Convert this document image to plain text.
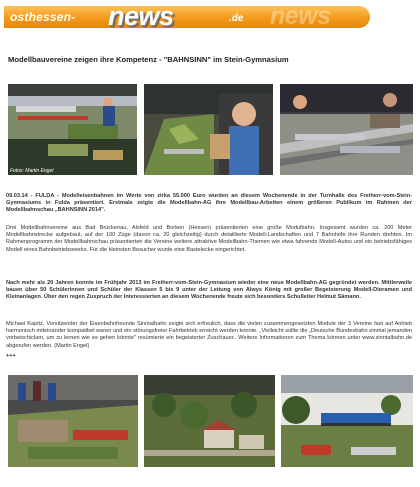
osthessen- news	.de news
Modellbauvereine zeigen ihre Kompetenz - "BAHNSINN" im Stein-Gymnasium
Fotos: Martin Engel

09.03.14 - FULDA - Modelleisenbahnen im Werte von zirka 55.000 Euro wurden an diesem Wochenende in der Turnhalle des Freiherr-vom-Stein-Gymnasiums in Fulda präsentiert. Erstmals zeigte die Modellbahn-AG ihre Modellbau-Arbeiten einem größeren Publikum im Rahmen der Modellbahnschau „BAHNSINN 2014".

Drei Modellbahnvereine aus Bad Brückenau, Alsfeld und Borken (Hessen) präsentierten eine große Modulbahn. Insgesamt wurden ca. 200 Meter Modellbahnstrecke aufgebaut, auf der 100 Züge (davon ca. 20 gleichzeitig) durch detaillierte Modell-Landschaften und 7 Bahnhöfe ihre Runden drehten. Im Rahmenprogramm der Modellbahnschau präsentierten die Vereine weitere attraktive Modellbahn-Themen wie etwa fahrende Modell-Autos und ein betriebsfähiges Modell eines Bahnbetriebswerks. Für die kleinsten Besucher wurde eine Bastelecke eingerichtet.

Nach mehr als 20 Jahren konnte im Frühjahr 2013 im Freiherr-vom-Stein-Gymnasium wieder eine neue Modellbahn-AG gegründet werden. Mittlerweile bauen über 50 Schülerinnen und Schüler der Klassen 5 bis 9 unter der Leitung von Alwys König mit großer Begeisterung Modell-Dioramen und Kleinanlagen. Über den regen Zuspruch der Interessierten an diesem Wochenende freute sich besonders Schulleiter Helmut Sämann.

Michael Kapitz, Vorsitzender der Eisenbahnfreunde Sinntalbahn zeigte sich erfreulich, dass die vielen zusammengesetzten Module der 3 Vereine fast auf Anhieb harmonisch miteinander kompatibel waren und ein störungsfreier Fahrbetrieb erreicht werden konnte. „Vielleicht sollte die „Deutsche Bundesbahn einmal jemanden vorbeischicken, um zu lernen wie es gehen könnte" resümierte ein begeisterter Zuschauer.. Weitere Informationen zum Thema können unter www.sinntalbahn.de abgerufen werden. (Martin Engel)

+++
